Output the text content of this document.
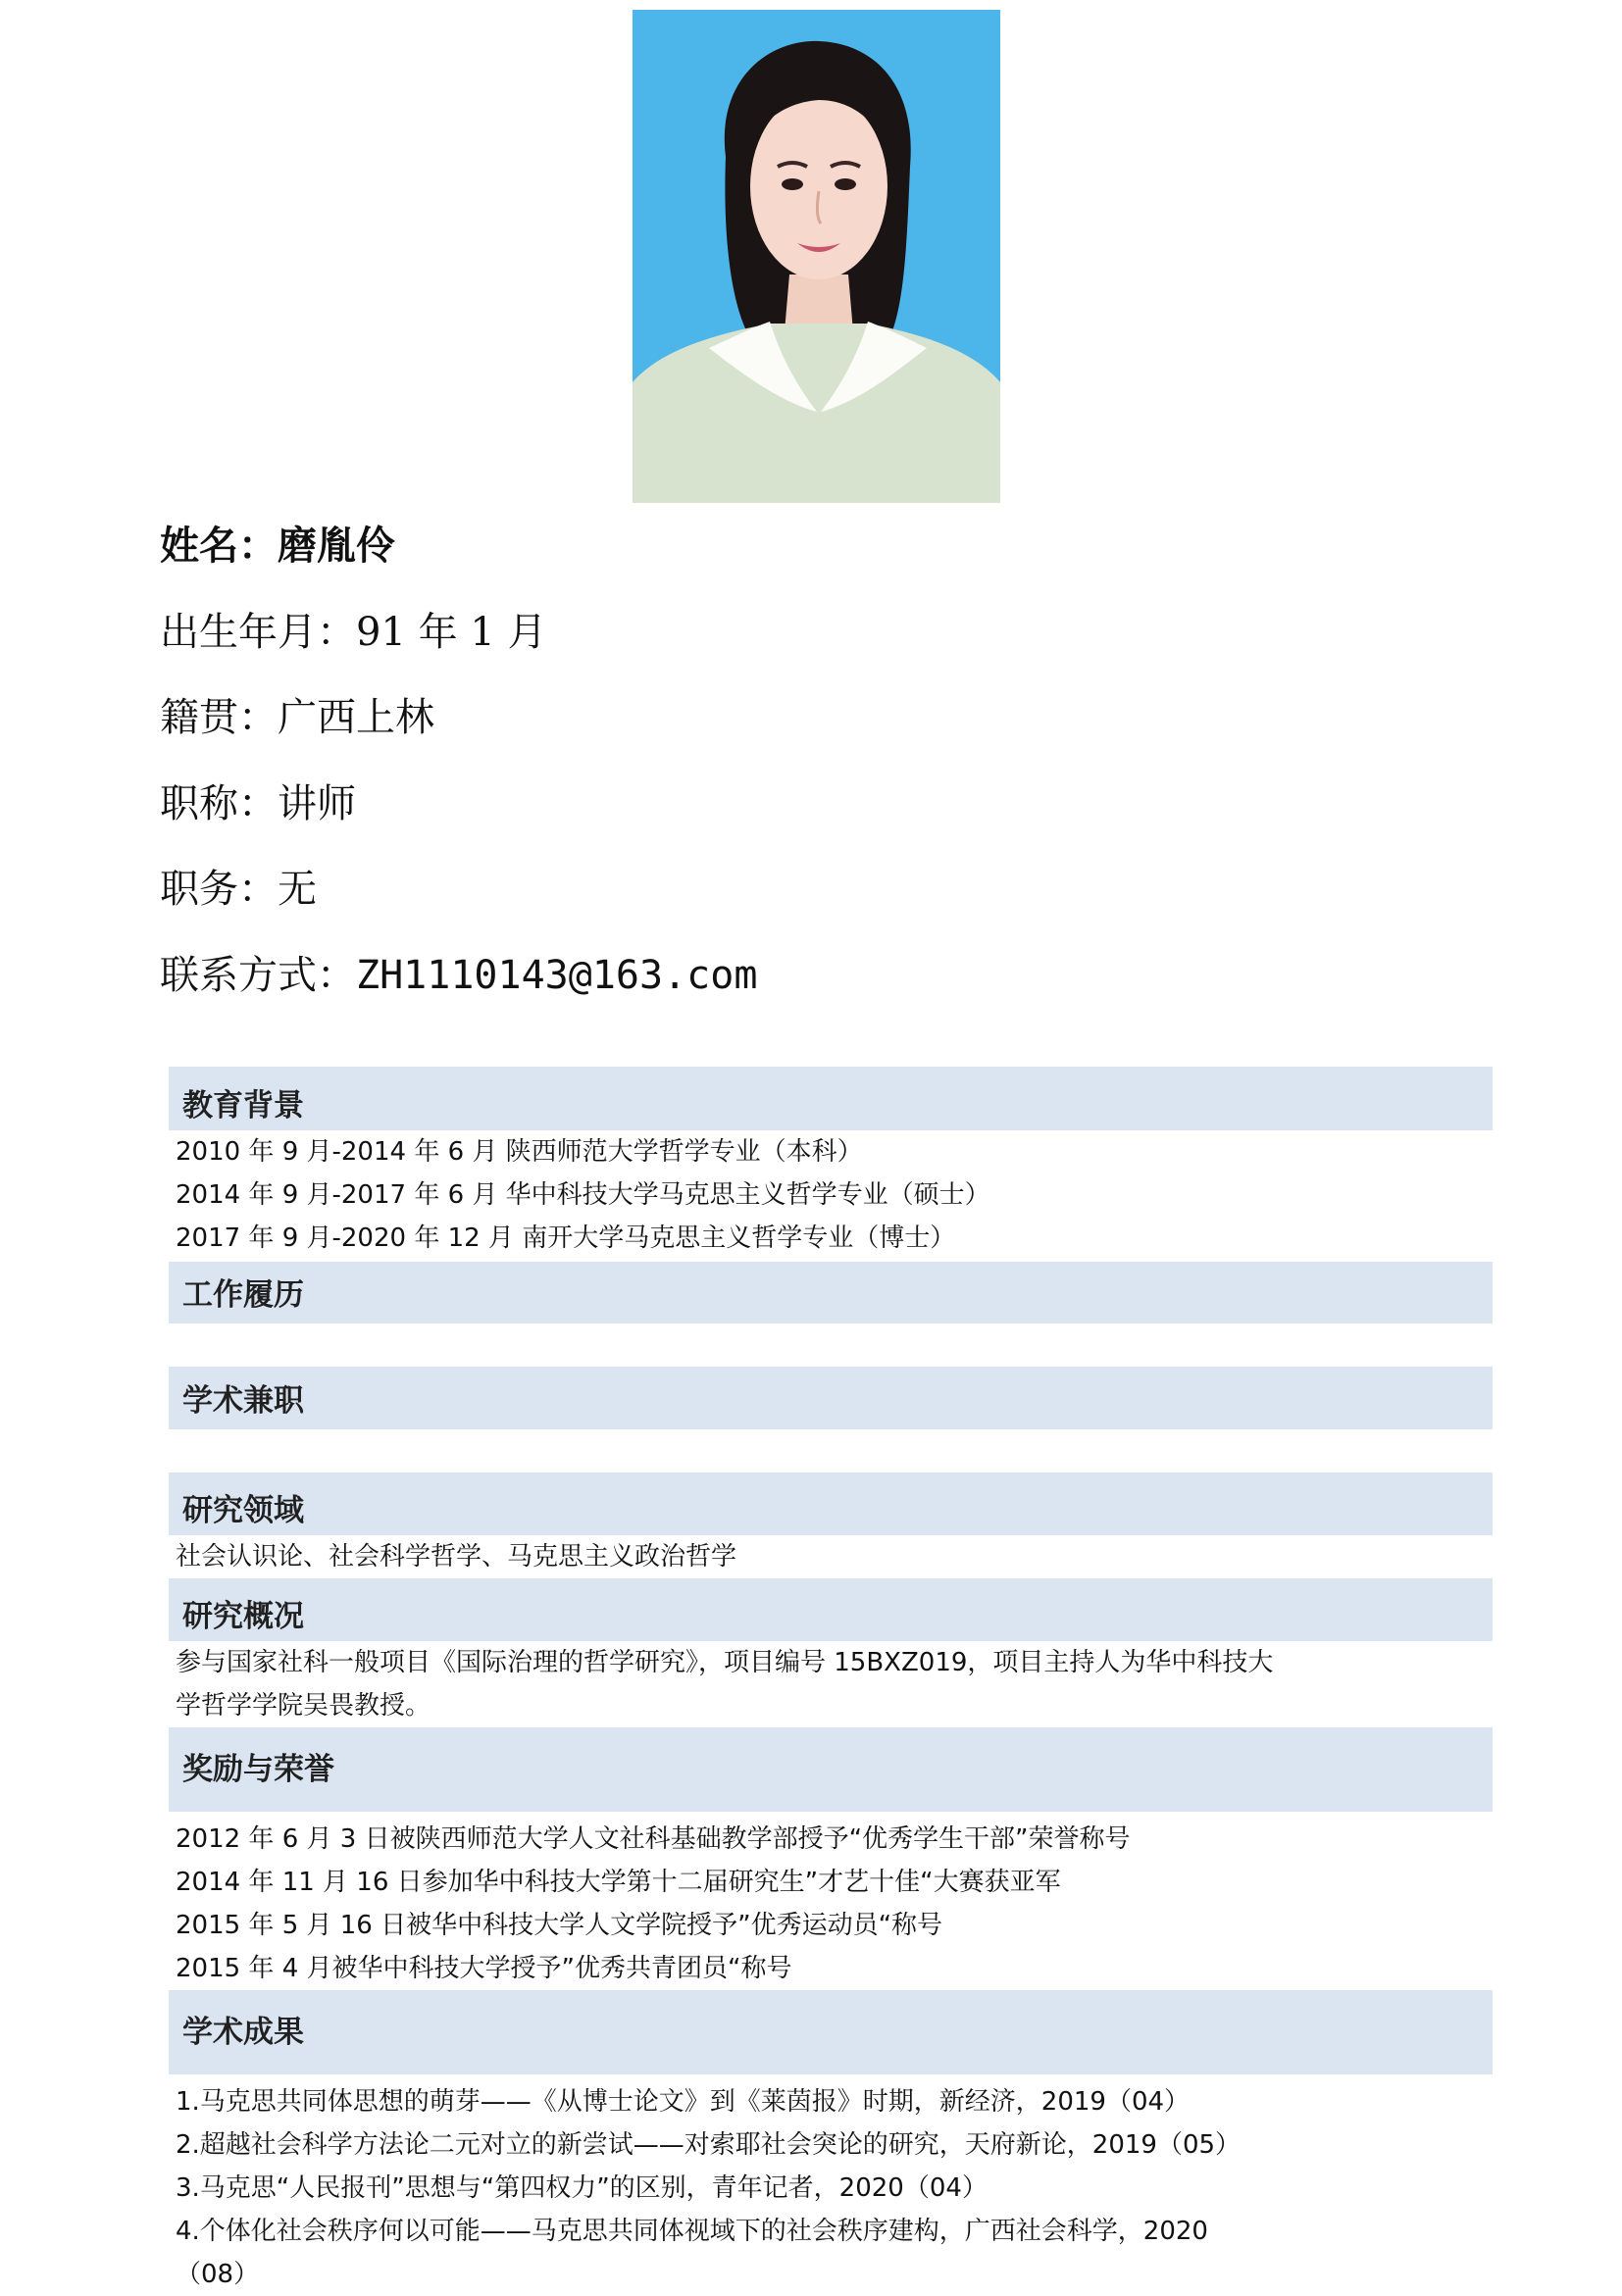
姓名：磨胤伶
出生年月：91 年 1 月
籍贯：广西上林
职称：讲师
职务：无
联系方式：ZH1110143@163.com
教育背景
2010 年 9 月-2014 年 6 月 陕西师范大学哲学专业（本科）
2014 年 9 月-2017 年 6 月 华中科技大学马克思主义哲学专业（硕士）
2017 年 9 月-2020 年 12 月 南开大学马克思主义哲学专业（博士）
工作履历
学术兼职
研究领域
社会认识论、社会科学哲学、马克思主义政治哲学
研究概况
参与国家社科一般项目《国际治理的哲学研究》，项目编号 15BXZ019，项目主持人为华中科技大
学哲学学院吴畏教授。
奖励与荣誉
2012 年 6 月 3 日被陕西师范大学人文社科基础教学部授予“优秀学生干部”荣誉称号
2014 年 11 月 16 日参加华中科技大学第十二届研究生”才艺十佳“大赛获亚军
2015 年 5 月 16 日被华中科技大学人文学院授予”优秀运动员“称号
2015 年 4 月被华中科技大学授予”优秀共青团员“称号
学术成果
1.马克思共同体思想的萌芽——《从博士论文》到《莱茵报》时期，新经济，2019（04）
2.超越社会科学方法论二元对立的新尝试——对索耶社会突论的研究，天府新论，2019（05）
3.马克思“人民报刊”思想与“第四权力”的区别，青年记者，2020（04）
4.个体化社会秩序何以可能——马克思共同体视域下的社会秩序建构，广西社会科学，2020
（08）
